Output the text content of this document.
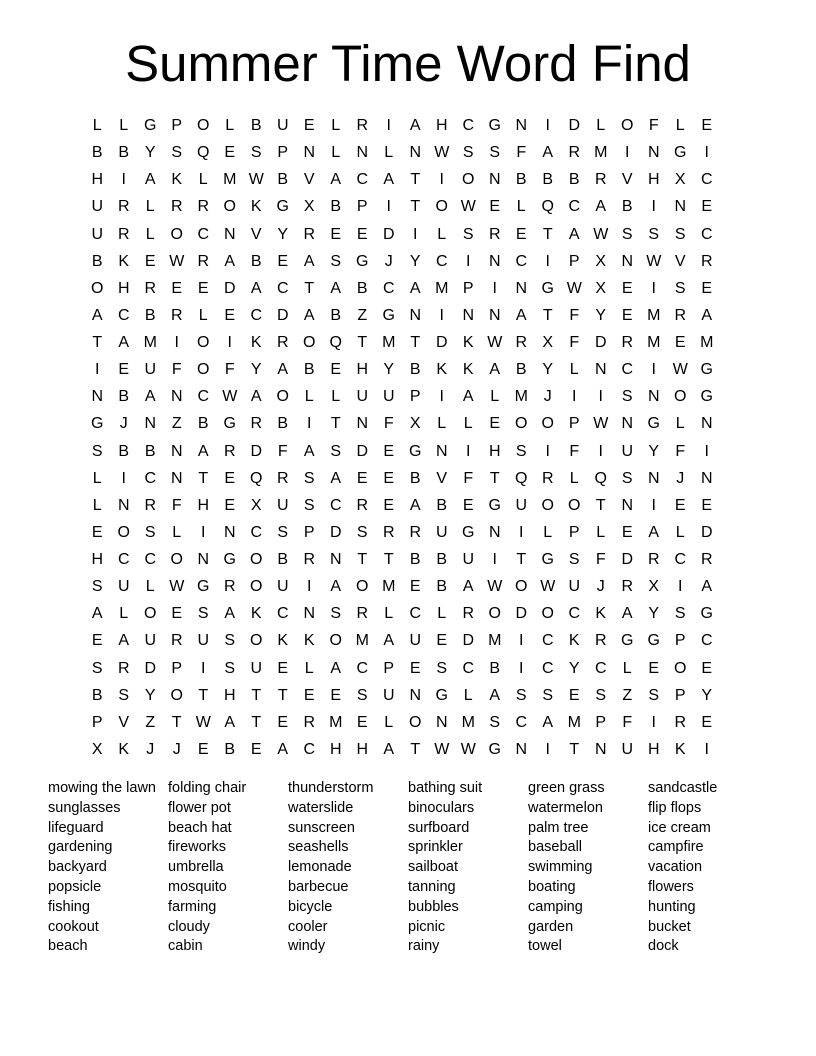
Summer Time Word Find
L	L G P O L	B U E	L	R	I	A H C G N	I	D	L O F	L	E
B B Y S Q E S P N	L	N	L	N W S S	F	A R M	I	N G	I
H	I	A K	L M W B V A C A	T	I	O N B B B R V H X C
U R	L	R R O K G X B P	I	T O W E	L Q C A B	I	N E
U R	L O C N V Y R E E D	I	L	S R E	T	A W S S S C
B K E W R A B E A S G	J	Y C	I	N C	I	P X N W V R
O H R E E D A C T	A B C A M P	I	N G W X E	I	S E
A C B R	L	E C D A B	Z G N	I	N N A	T	F	Y E M R A
T	A M	I	O	I	K R O Q T M T D K W R X	F D R M E M
I	E U F O F	Y A B E H Y B K K A B Y	L	N C	I	W G
N B A N C W A O L	L	U U P	I	A	L M J	I	I	S N O G
G	J	N Z	B G R B	I	T N F	X	L	L	E O O P W N G L	N
S B B N A R D F	A S D E G N	I	H S	I	F	I	U Y	F	I
L	I	C N T	E Q R S A E E B V	F	T Q R	L Q S N	J	N
L	N R F H E X U S C R E A B E G U O O T N	I	E E
E O S	L	I	N C S P D S R R U G N	I	L	P	L	E A	L	D
H C C O N G O B R N T	T	B B U	I	T G S	F D R C R
S U	L W G R O U	I	A O M E B A W O W U	J	R X	I	A
A	L O E S A K C N S R	L	C	L	R O D O C K A Y S G
E A U R U S O K K O M A U E D M	I	C K R G G P C
S R D P	I	S U E	L	A C P E S C B	I	C Y C	L	E O E
B S Y O T H T	T	E E S U N G L	A S S E S	Z	S P Y
P V	Z	T W A	T	E R M E	L O N M S C A M P	F	I	R E
X K	J	J	E B E A C H H A	T W W G N	I	T N U H K	I
mowing the lawn
sunglasses
lifeguard
gardening
backyard
popsicle
fishing
cookout
beach
folding chair
flower pot
beach hat
fireworks
umbrella
mosquito
farming
cloudy
cabin
thunderstorm
waterslide
sunscreen
seashells
lemonade
barbecue
bicycle
cooler
windy
bathing suit
binoculars
surfboard
sprinkler
sailboat
tanning
bubbles
picnic
rainy
green grass
watermelon
palm tree
baseball
swimming
boating
camping
garden
towel
sandcastle
flip flops
ice cream
campfire
vacation
flowers
hunting
bucket
dock
